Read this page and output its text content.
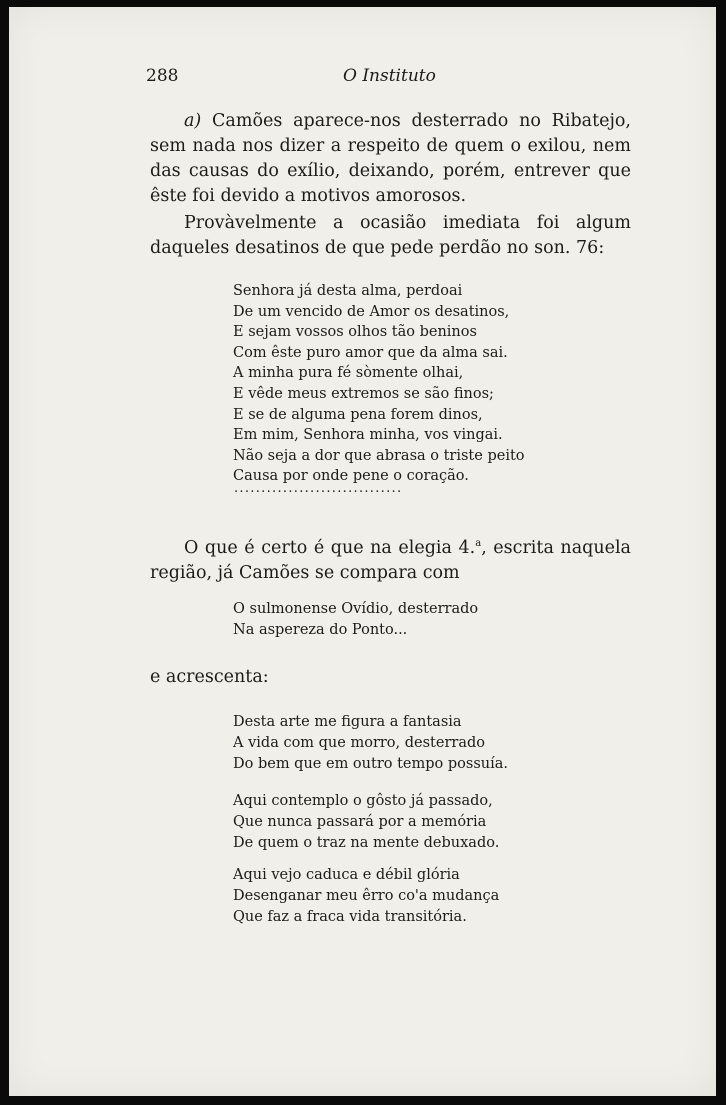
288	O Instituto

a) Camões aparece-nos desterrado no Ribatejo, sem nada nos dizer a respeito de quem o exilou, nem das causas do exílio, deixando, porém, entrever que êste foi devido a motivos amorosos.

Provàvelmente a ocasião imediata foi algum daqueles desatinos de que pede perdão no son. 76:

Senhora já desta alma, perdoai
De um vencido de Amor os desatinos,
E sejam vossos olhos tão beninos
Com êste puro amor que da alma sai.
A minha pura fé sòmente olhai,
E vêde meus extremos se são finos;
E se de alguma pena forem dinos,
Em mim, Senhora minha, vos vingai.
Não seja a dor que abrasa o triste peito
Causa por onde pene o coração.
...............................

O que é certo é que na elegia 4.$^a$, escrita naquela região, já Camões se compara com

O sulmonense Ovídio, desterrado
Na aspereza do Ponto...

e acrescenta:

Desta arte me figura a fantasia
A vida com que morro, desterrado
Do bem que em outro tempo possuía.
Aqui contemplo o gôsto já passado,
Que nunca passará por a memória
De quem o traz na mente debuxado.
Aqui vejo caduca e débil glória
Desenganar meu êrro co'a mudança
Que faz a fraca vida transitória.
